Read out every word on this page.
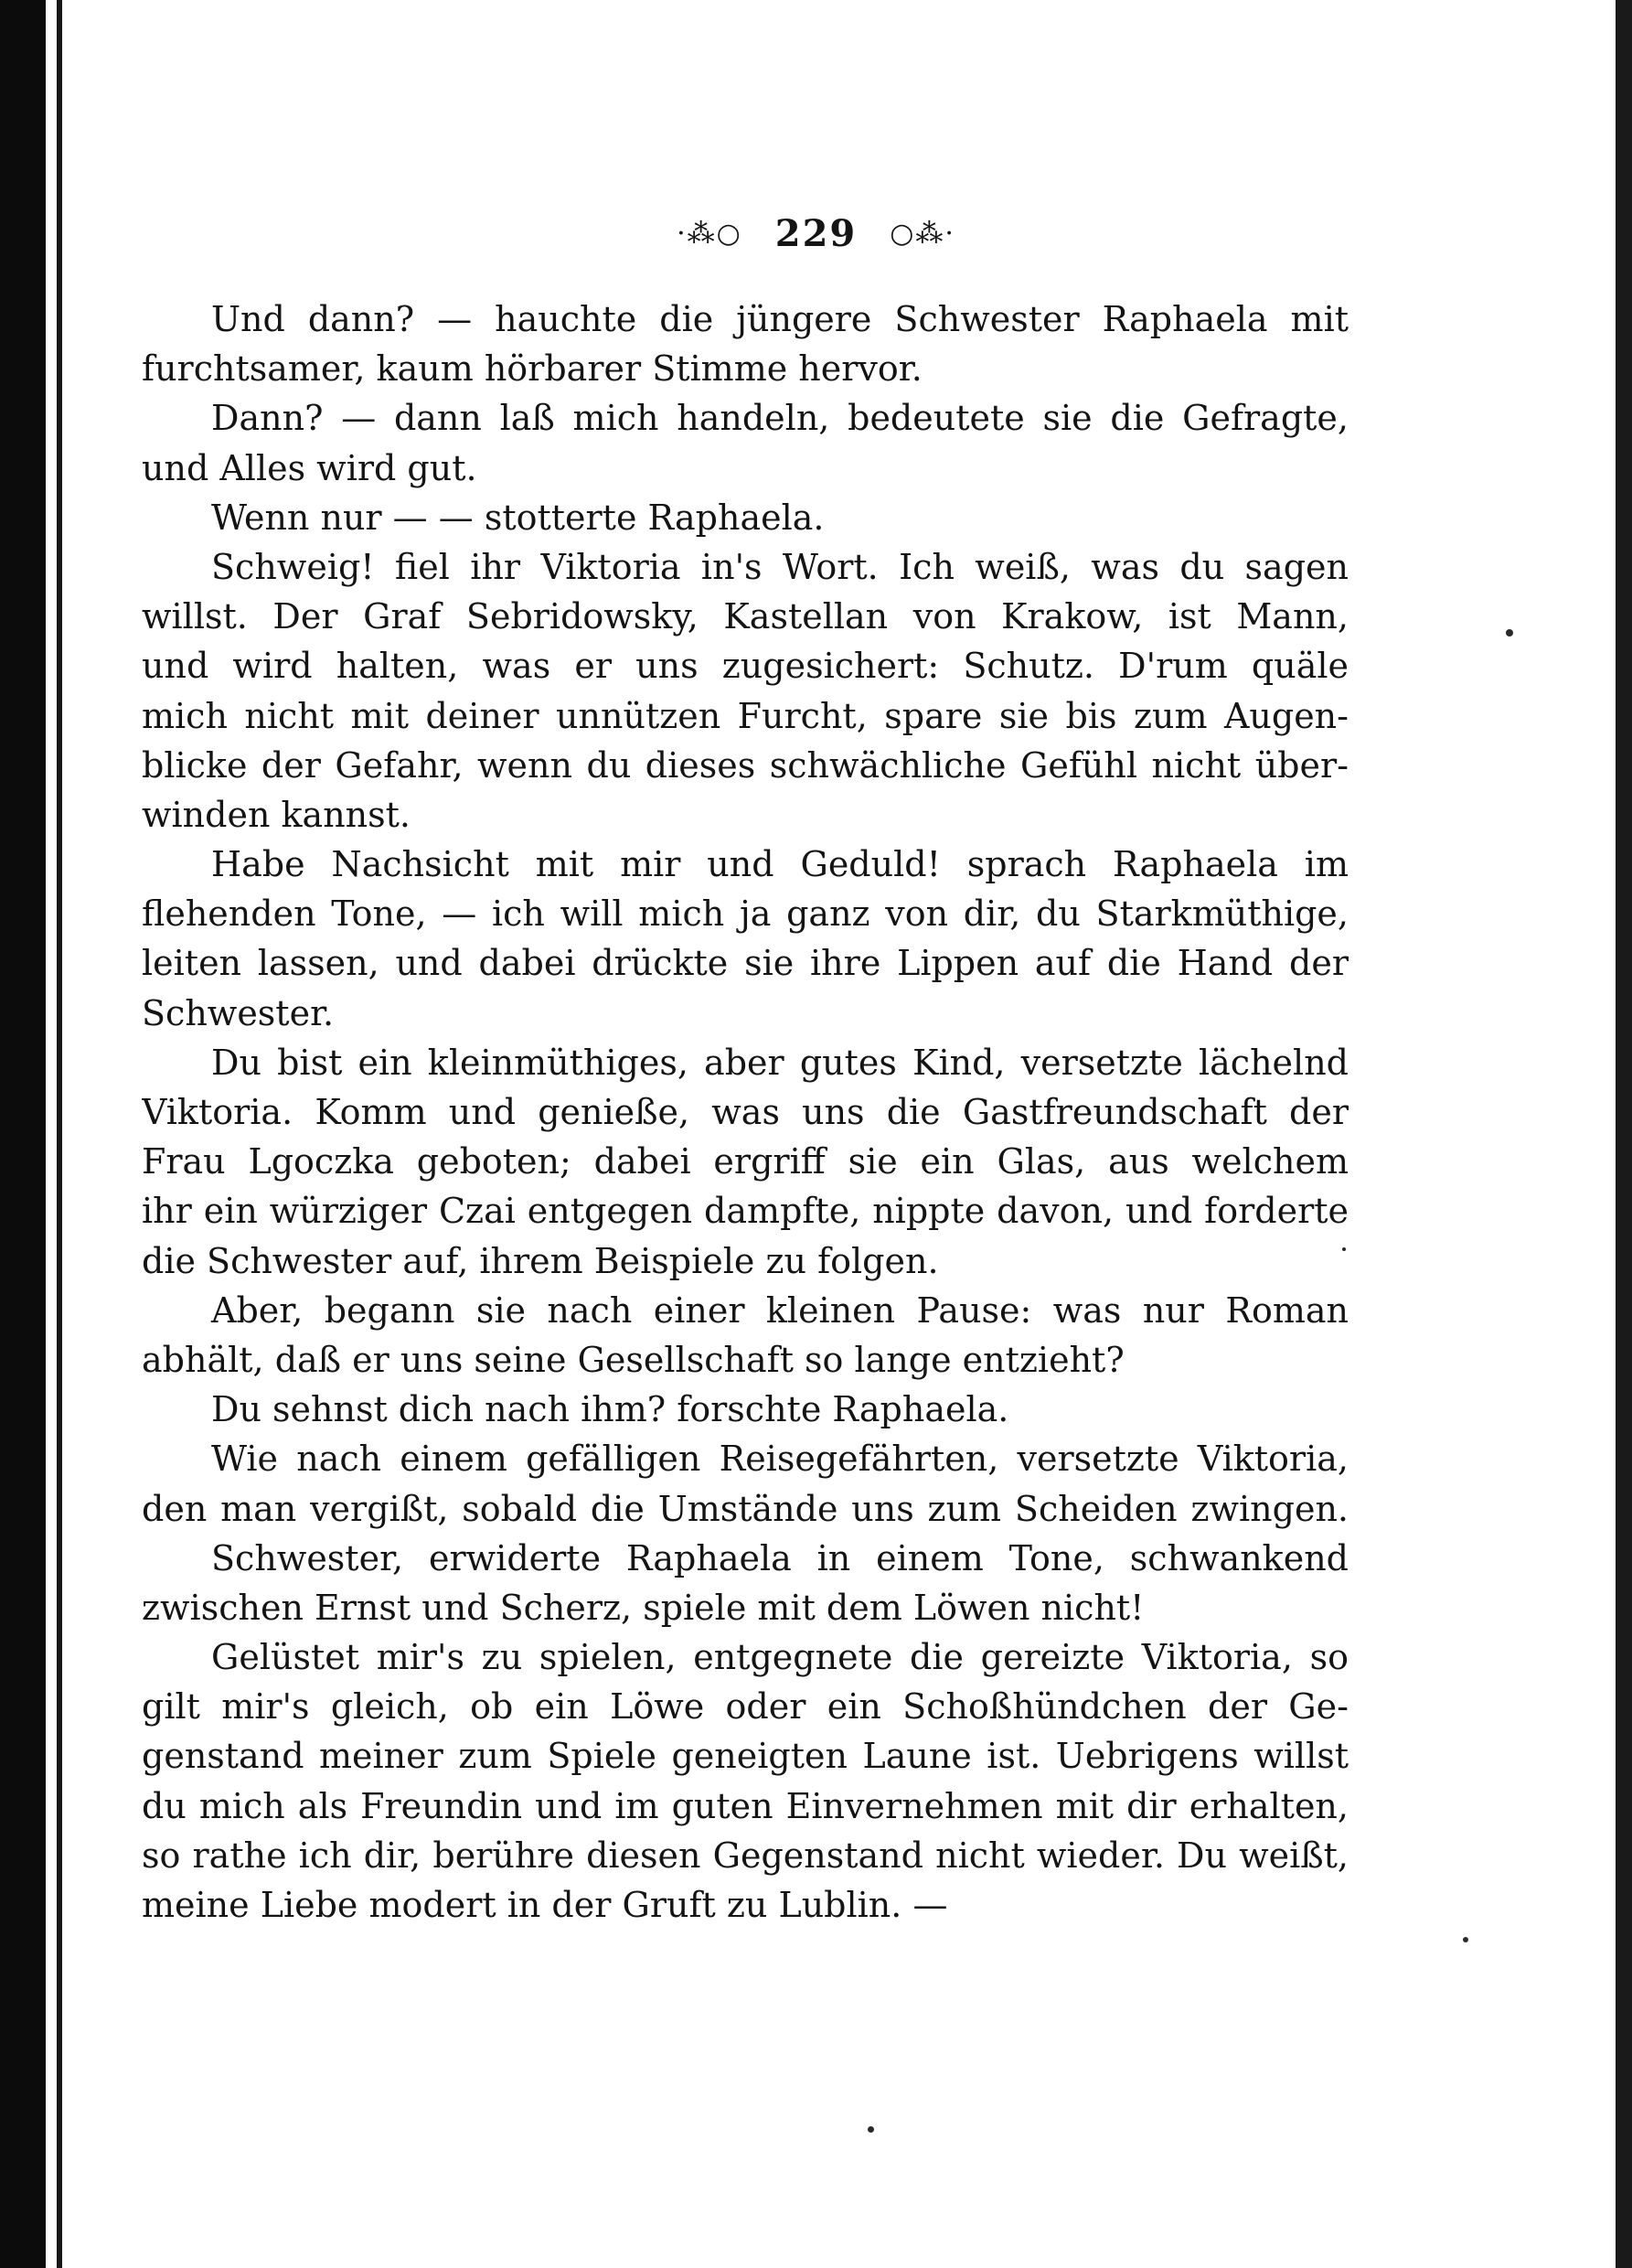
·⁂○ 229 ○⁂·
Und dann? — hauchte die jüngere Schwester Raphaela mit
furchtsamer, kaum hörbarer Stimme hervor.
Dann? — dann laß mich handeln, bedeutete sie die Gefragte,
und Alles wird gut.
Wenn nur — — stotterte Raphaela.
Schweig! fiel ihr Viktoria in's Wort. Ich weiß, was du sagen
willst. Der Graf Sebridowsky, Kastellan von Krakow, ist Mann,
und wird halten, was er uns zugesichert: Schutz. D'rum quäle
mich nicht mit deiner unnützen Furcht, spare sie bis zum Augen-
blicke der Gefahr, wenn du dieses schwächliche Gefühl nicht über-
winden kannst.
Habe Nachsicht mit mir und Geduld! sprach Raphaela im
flehenden Tone, — ich will mich ja ganz von dir, du Starkmüthige,
leiten lassen, und dabei drückte sie ihre Lippen auf die Hand der
Schwester.
Du bist ein kleinmüthiges, aber gutes Kind, versetzte lächelnd
Viktoria. Komm und genieße, was uns die Gastfreundschaft der
Frau Lgoczka geboten; dabei ergriff sie ein Glas, aus welchem
ihr ein würziger Czai entgegen dampfte, nippte davon, und forderte
die Schwester auf, ihrem Beispiele zu folgen.
Aber, begann sie nach einer kleinen Pause: was nur Roman
abhält, daß er uns seine Gesellschaft so lange entzieht?
Du sehnst dich nach ihm? forschte Raphaela.
Wie nach einem gefälligen Reisegefährten, versetzte Viktoria,
den man vergißt, sobald die Umstände uns zum Scheiden zwingen.
Schwester, erwiderte Raphaela in einem Tone, schwankend
zwischen Ernst und Scherz, spiele mit dem Löwen nicht!
Gelüstet mir's zu spielen, entgegnete die gereizte Viktoria, so
gilt mir's gleich, ob ein Löwe oder ein Schoßhündchen der Ge-
genstand meiner zum Spiele geneigten Laune ist. Uebrigens willst
du mich als Freundin und im guten Einvernehmen mit dir erhalten,
so rathe ich dir, berühre diesen Gegenstand nicht wieder. Du weißt,
meine Liebe modert in der Gruft zu Lublin. —
